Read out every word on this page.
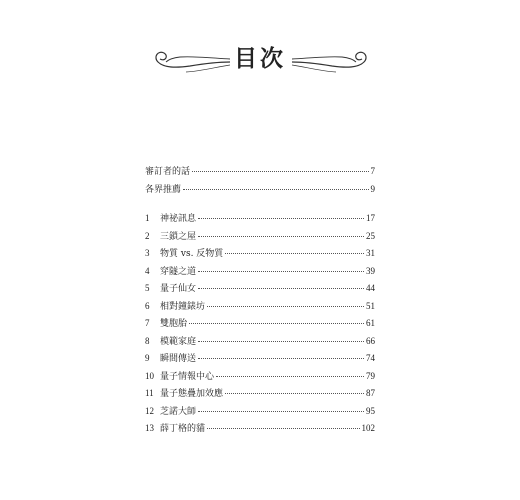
目次
審訂者的話	7
各界推薦	9
1	神祕訊息	17
2	三鎖之屋	25
3	物質 vs. 反物質	31
4	穿隧之道	39
5	量子仙女	44
6	相對鐘錶坊	51
7	雙胞胎	61
8	模範家庭	66
9	瞬間傳送	74
10 量子情報中心	79
11 量子態疊加效應	87
12 芝諾大師	95
13 薛丁格的貓	102
